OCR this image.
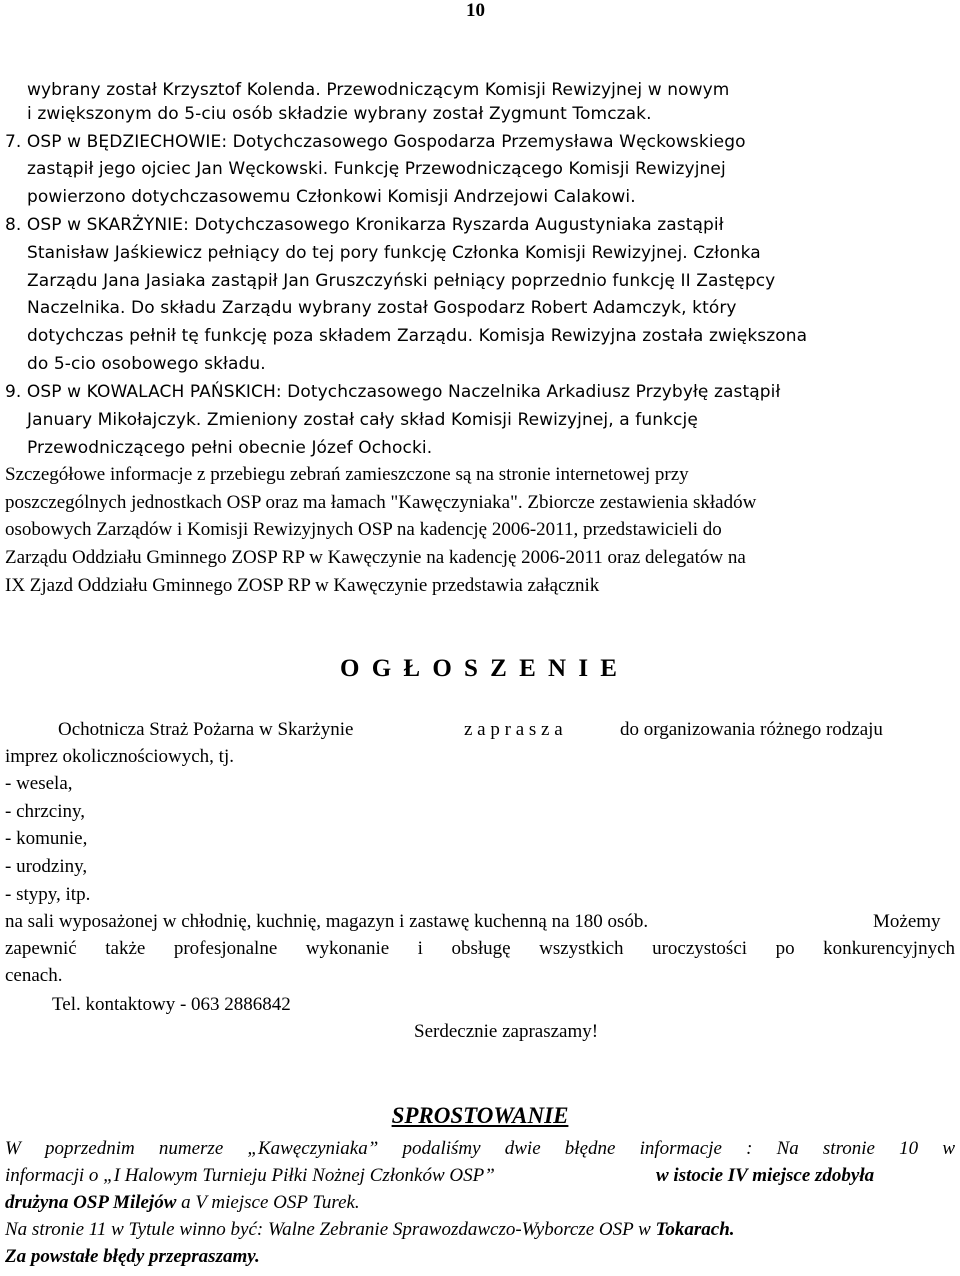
10
wybrany został Krzysztof Kolenda. Przewodniczącym Komisji Rewizyjnej w nowym
i zwiększonym do 5-ciu osób składzie wybrany został Zygmunt Tomczak.
7. OSP w BĘDZIECHOWIE: Dotychczasowego Gospodarza Przemysława Węckowskiego
zastąpił jego ojciec Jan Węckowski. Funkcję Przewodniczącego Komisji Rewizyjnej
powierzono dotychczasowemu Członkowi Komisji Andrzejowi Calakowi.
8. OSP w SKARŻYNIE: Dotychczasowego Kronikarza Ryszarda Augustyniaka zastąpił
Stanisław Jaśkiewicz pełniący do tej pory funkcję Członka Komisji Rewizyjnej. Członka
Zarządu Jana Jasiaka zastąpił Jan Gruszczyński pełniący poprzednio funkcję II Zastępcy
Naczelnika. Do składu Zarządu wybrany został Gospodarz Robert Adamczyk, który
dotychczas pełnił tę funkcję poza składem Zarządu. Komisja Rewizyjna została zwiększona
do 5-cio osobowego składu.
9. OSP w KOWALACH PAŃSKICH: Dotychczasowego Naczelnika Arkadiusz Przybyłę zastąpił
January Mikołajczyk. Zmieniony został cały skład Komisji Rewizyjnej, a funkcję
Przewodniczącego pełni obecnie Józef Ochocki.
Szczegółowe informacje z przebiegu zebrań zamieszczone są na stronie internetowej przy
poszczególnych jednostkach OSP oraz ma łamach "Kawęczyniaka". Zbiorcze zestawienia składów
osobowych Zarządów i Komisji Rewizyjnych OSP na kadencję 2006-2011, przedstawicieli do
Zarządu Oddziału Gminnego ZOSP RP w Kawęczynie na kadencję 2006-2011 oraz delegatów na
IX Zjazd Oddziału Gminnego ZOSP RP w Kawęczynie przedstawia załącznik
O G Ł O S Z E N I E
Ochotnicza Straż Pożarna w Skarżynie	z a p r a s z a	do organizowania różnego rodzaju
imprez okolicznościowych, tj.
- wesela,
- chrzciny,
- komunie,
- urodziny,
- stypy, itp.
na sali wyposażonej w chłodnię, kuchnię, magazyn i zastawę kuchenną na 180 osób.	Możemy
zapewnić także profesjonalne wykonanie i obsługę wszystkich uroczystości po konkurencyjnych
cenach.
Tel. kontaktowy - 063 2886842
Serdecznie zapraszamy!
SPROSTOWANIE
W poprzednim numerze „Kawęczyniaka” podaliśmy dwie błędne informacje : Na stronie 10 w
informacji o „I Halowym Turnieju Piłki Nożnej Członków OSP”	w istocie IV miejsce zdobyła
drużyna OSP Milejów a V miejsce OSP Turek.
Na stronie 11 w Tytule winno być: Walne Zebranie Sprawozdawczo-Wyborcze OSP w Tokarach.
Za powstałe błędy przepraszamy.
